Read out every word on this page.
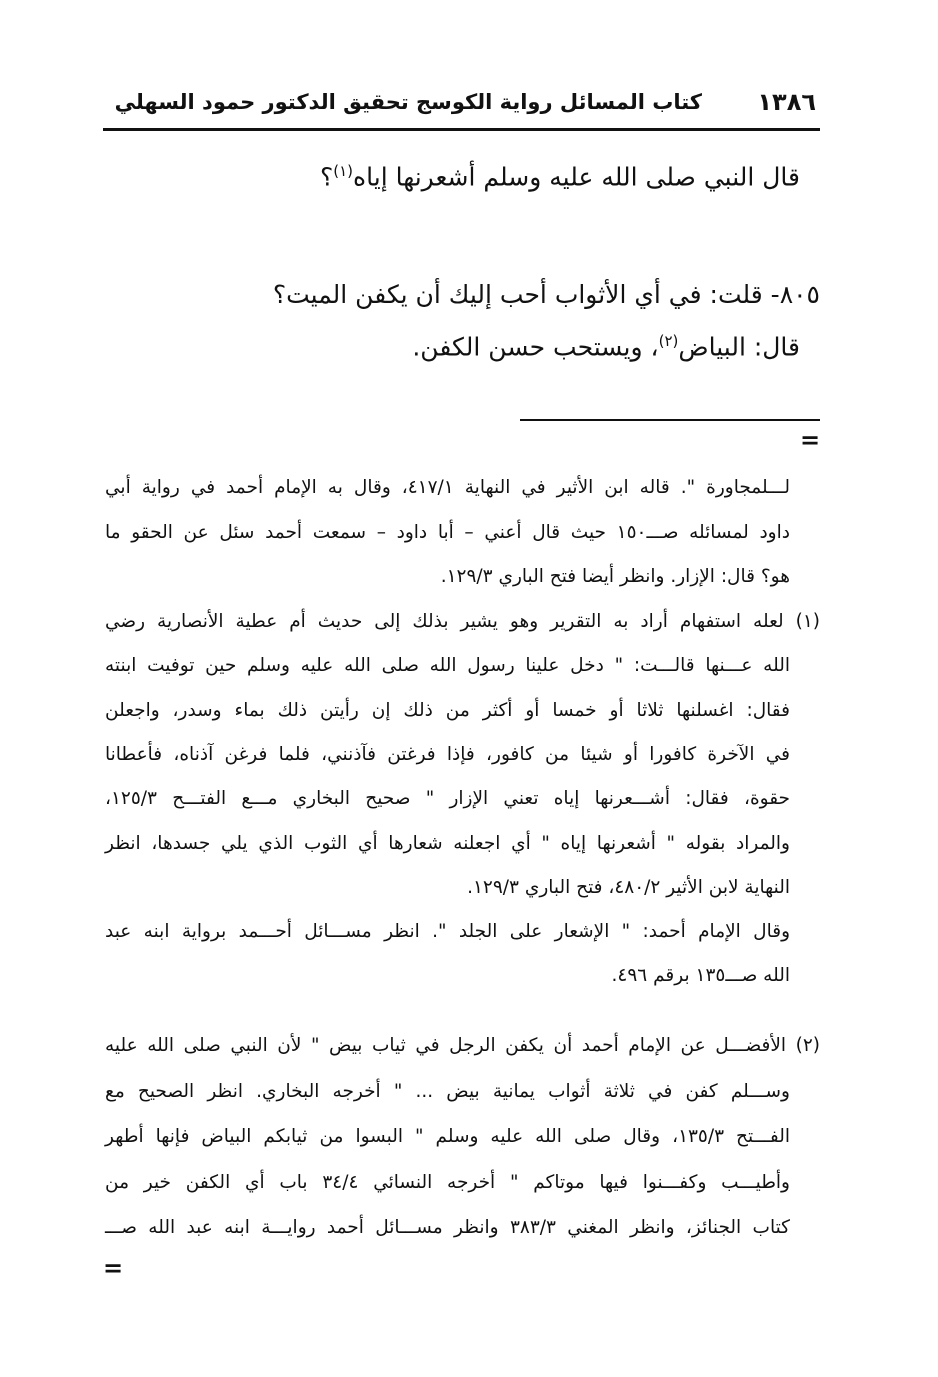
١٣٨٦
كتاب المسائل رواية الكوسج تحقيق الدكتور حمود السهلي
قال النبي صلى الله عليه وسلم أشعرنها إياه$^{(١)}$؟
٨٠٥- قلت: في أي الأثواب أحب إليك أن يكفن الميت؟
قال: البياض$^{(٢)}$، ويستحب حسن الكفن.
=
لـــلمجاورة ". قاله ابن الأثير في النهاية ٤١٧/١، وقال به الإمام أحمد في رواية أبي
داود لمسائله صـــ١٥٠ حيث قال أعني – أبا داود – سمعت أحمد سئل عن الحقو ما
هو؟ قال: الإزار. وانظر أيضا فتح الباري ١٢٩/٣.
(١) لعله استفهام أراد به التقرير وهو يشير بذلك إلى حديث أم عطية الأنصارية رضي
الله عـــنها قالـــت: " دخل علينا رسول الله صلى الله عليه وسلم حين توفيت ابنته
فقال: اغسلنها ثلاثا أو خمسا أو أكثر من ذلك إن رأيتن ذلك بماء وسدر، واجعلن
في الآخرة كافورا أو شيئا من كافور، فإذا فرغتن فآذنني، فلما فرغن آذناه، فأعطانا
حقوة، فقال: أشـــعرنها إياه تعني الإزار " صحيح البخاري مـــع الفتـــح ١٢٥/٣،
والمراد بقوله " أشعرنها إياه " أي اجعلنه شعارها أي الثوب الذي يلي جسدها، انظر
النهاية لابن الأثير ٤٨٠/٢، فتح الباري ١٢٩/٣.
وقال الإمام أحمد: " الإشعار على الجلد ". انظر مســـائل أحـــمد برواية ابنه عبد
الله صـــ١٣٥ برقم ٤٩٦.
(٢) الأفضـــل عن الإمام أحمد أن يكفن الرجل في ثياب بيض " لأن النبي صلى الله عليه
وســـلم كفن في ثلاثة أثواب يمانية بيض ... " أخرجه البخاري. انظر الصحيح مع
الفـــتح ١٣٥/٣، وقال صلى الله عليه وسلم " البسوا من ثيابكم البياض فإنها أطهر
وأطيـــب وكفـــنوا فيها موتاكم " أخرجه النسائي ٣٤/٤ باب أي الكفن خير من
كتاب الجنائز، وانظر المغني ٣٨٣/٣ وانظر مســـائل أحمد روايـــة ابنه عبد الله صـــ
=
